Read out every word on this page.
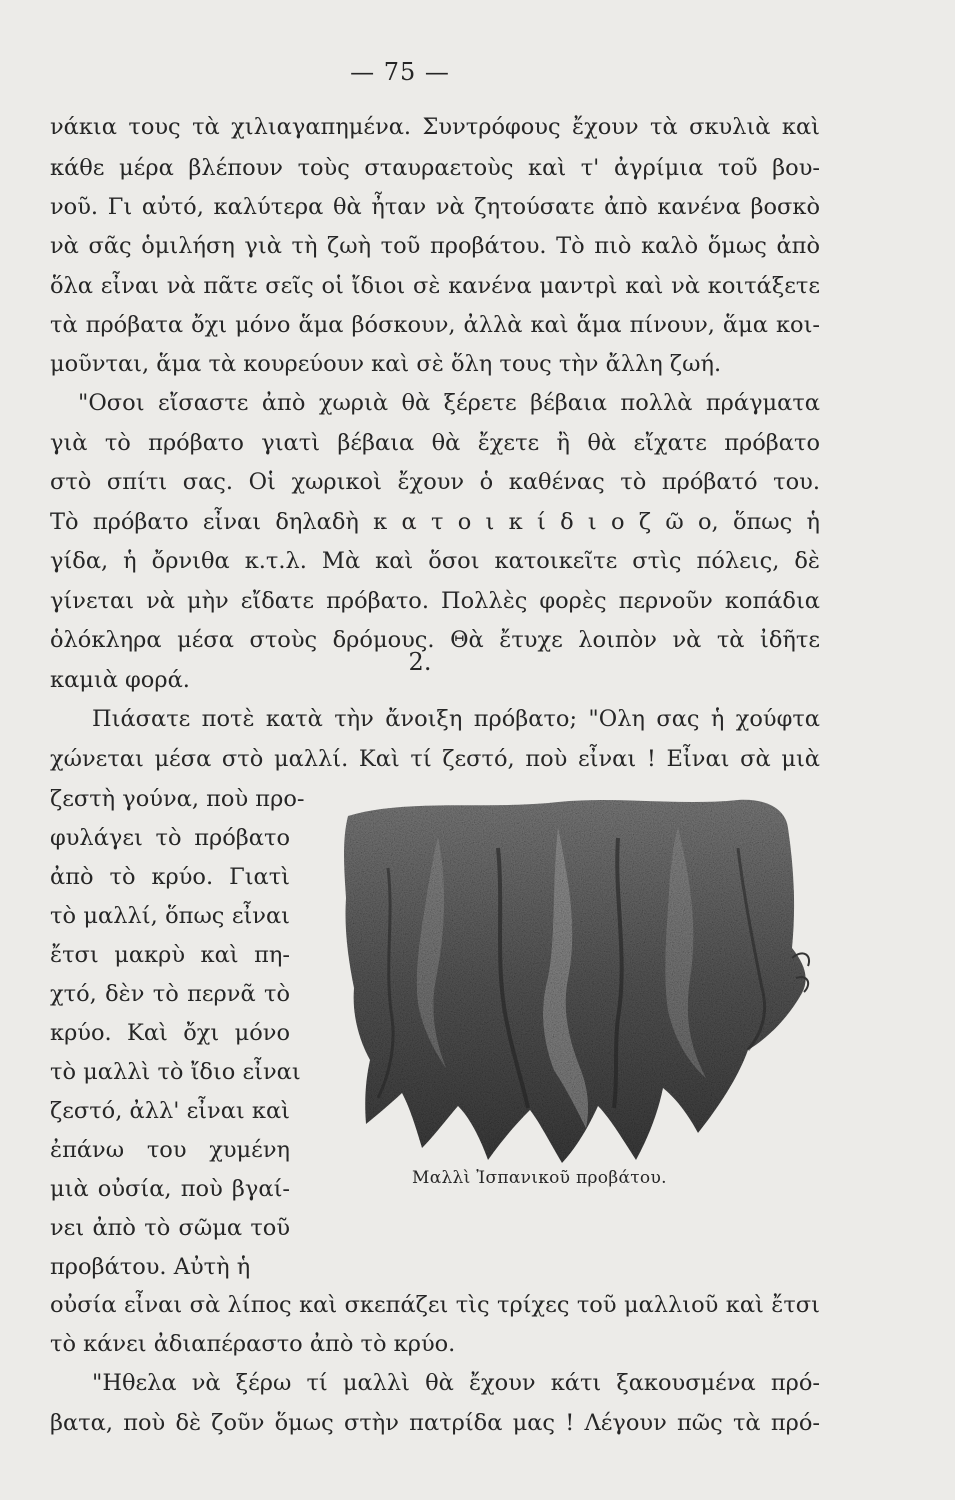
— 75 —
νάκια τους τὰ χιλιαγαπημένα. Συντρόφους ἔχουν τὰ σκυλιὰ καὶ
κάθε μέρα βλέπουν τοὺς σταυραετοὺς καὶ τ' ἀγρίμια τοῦ βου-
νοῦ. Γι αὐτό, καλύτερα θὰ ἦταν νὰ ζητούσατε ἀπὸ κανένα βοσκὸ
νὰ σᾶς ὁμιλήση γιὰ τὴ ζωὴ τοῦ προβάτου. Τὸ πιὸ καλὸ ὅμως ἀπὸ
ὅλα εἶναι νὰ πᾶτε σεῖς οἱ ἴδιοι σὲ κανένα μαντρὶ καὶ νὰ κοιτάξετε
τὰ πρόβατα ὄχι μόνο ἅμα βόσκουν, ἀλλὰ καὶ ἅμα πίνουν, ἅμα κοι-
μοῦνται, ἅμα τὰ κουρεύουν καὶ σὲ ὅλη τους τὴν ἄλλη ζωή.
"Οσοι εἴσαστε ἀπὸ χωριὰ θὰ ξέρετε βέβαια πολλὰ πράγματα
γιὰ τὸ πρόβατο γιατὶ βέβαια θὰ ἔχετε ἢ θὰ εἴχατε πρόβατο
στὸ σπίτι σας. Οἱ χωρικοὶ ἔχουν ὁ καθένας τὸ πρόβατό του.
Τὸ πρόβατο εἶναι δηλαδὴ κ α τ ο ι κ ί δ ι ο ζ ῶ ο, ὅπως ἡ
γίδα, ἡ ὄρνιθα κ.τ.λ. Μὰ καὶ ὅσοι κατοικεῖτε στὶς πόλεις, δὲ
γίνεται νὰ μὴν εἴδατε πρόβατο. Πολλὲς φορὲς περνοῦν κοπάδια
ὁλόκληρα μέσα στοὺς δρόμους. Θὰ ἔτυχε λοιπὸν νὰ τὰ ἰδῆτε
καμιὰ φορά.
2.
Πιάσατε ποτὲ κατὰ τὴν ἄνοιξη πρόβατο; "Ολη σας ἡ χούφτα
χώνεται μέσα στὸ μαλλί. Καὶ τί ζεστό, ποὺ εἶναι ! Εἶναι σὰ μιὰ
ζεστὴ γούνα, ποὺ προ-
φυλάγει τὸ πρόβατο
ἀπὸ τὸ κρύο. Γιατὶ
τὸ μαλλί, ὅπως εἶναι
ἔτσι μακρὺ καὶ πη-
χτό, δὲν τὸ περνᾶ τὸ
κρύο. Καὶ ὄχι μόνο
τὸ μαλλὶ τὸ ἴδιο εἶναι
ζεστό, ἀλλ' εἶναι καὶ
ἐπάνω του χυμένη
μιὰ οὐσία, ποὺ βγαί-
νει ἀπὸ τὸ σῶμα τοῦ
προβάτου. Αὐτὴ ἡ
Μαλλὶ Ἰσπανικοῦ προβάτου.
οὐσία εἶναι σὰ λίπος καὶ σκεπάζει τὶς τρίχες τοῦ μαλλιοῦ καὶ ἔτσι
τὸ κάνει ἀδιαπέραστο ἀπὸ τὸ κρύο.
"Ηθελα νὰ ξέρω τί μαλλὶ θὰ ἔχουν κάτι ξακουσμένα πρό-
βατα, ποὺ δὲ ζοῦν ὅμως στὴν πατρίδα μας ! Λέγουν πῶς τὰ πρό-
